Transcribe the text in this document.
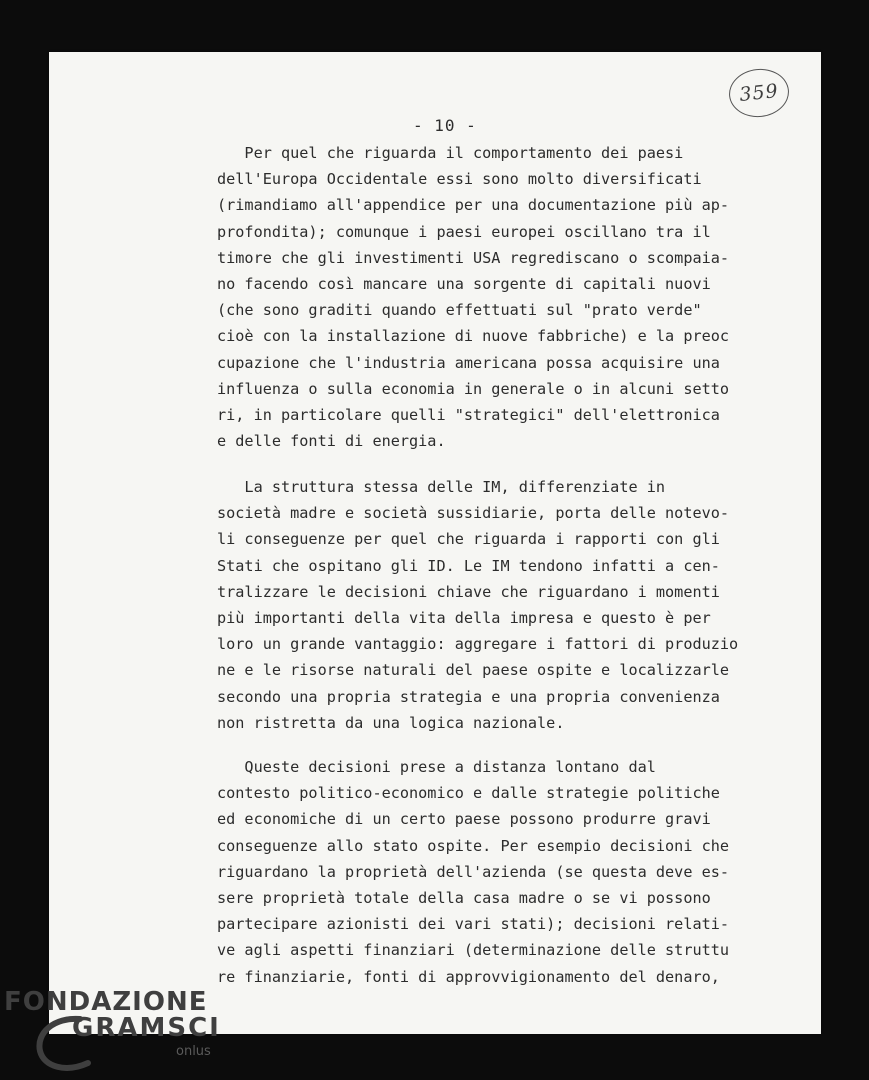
359
- 10 -
Per quel che riguarda il comportamento dei paesi
dell'Europa Occidentale essi sono molto diversificati
(rimandiamo all'appendice per una documentazione più ap-
profondita); comunque i paesi europei oscillano tra il
timore che gli investimenti USA regrediscano o scompaia-
no facendo così mancare una sorgente di capitali nuovi
(che sono graditi quando effettuati sul "prato verde"
cioè con la installazione di nuove fabbriche) e la preoc
cupazione che l'industria americana possa acquisire una
influenza o sulla economia in generale o in alcuni setto
ri, in particolare quelli "strategici" dell'elettronica
e delle fonti di energia.
La struttura stessa delle IM, differenziate in
società madre e società sussidiarie, porta delle notevo-
li conseguenze per quel che riguarda i rapporti con gli
Stati che ospitano gli ID. Le IM tendono infatti a cen-
tralizzare le decisioni chiave che riguardano i momenti
più importanti della vita della impresa e questo è per
loro un grande vantaggio: aggregare i fattori di produzio
ne e le risorse naturali del paese ospite e localizzarle
secondo una propria strategia e una propria convenienza
non ristretta da una logica nazionale.
Queste decisioni prese a distanza lontano dal
contesto politico-economico e dalle strategie politiche
ed economiche di un certo paese possono produrre gravi
conseguenze allo stato ospite. Per esempio decisioni che
riguardano la proprietà dell'azienda (se questa deve es-
sere proprietà totale della casa madre o se vi possono
partecipare azionisti dei vari stati); decisioni relati-
ve agli aspetti finanziari (determinazione delle struttu
re finanziarie, fonti di approvvigionamento del denaro,
FONDAZIONE
GRAMSCI
onlus
